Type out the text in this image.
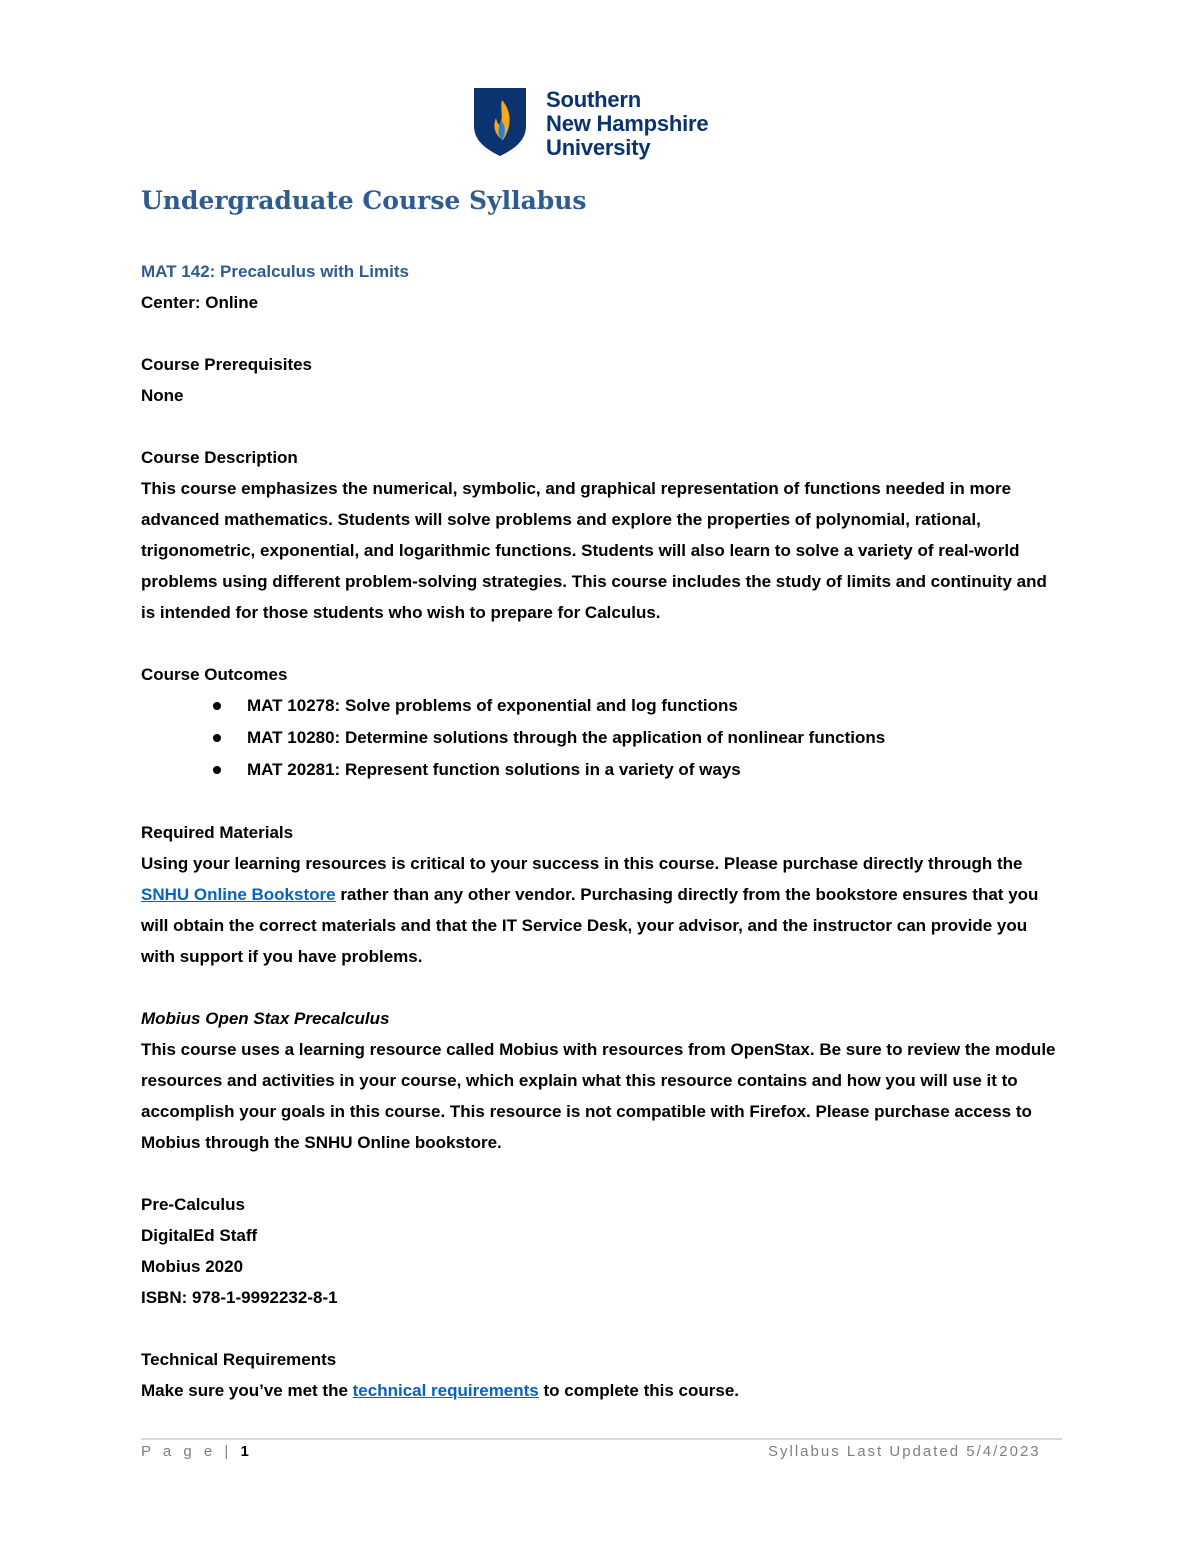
Southern
New Hampshire
University
Undergraduate Course Syllabus

MAT 142: Precalculus with Limits

Center: Online

Course Prerequisites

None

Course Description

This course emphasizes the numerical, symbolic, and graphical representation of functions needed in more advanced mathematics. Students will solve problems and explore the properties of polynomial, rational, trigonometric, exponential, and logarithmic functions. Students will also learn to solve a variety of real-world problems using different problem-solving strategies. This course includes the study of limits and continuity and is intended for those students who wish to prepare for Calculus.

Course Outcomes

MAT 10278: Solve problems of exponential and log functions
MAT 10280: Determine solutions through the application of nonlinear functions
MAT 20281: Represent function solutions in a variety of ways

Required Materials

Using your learning resources is critical to your success in this course. Please purchase directly through the SNHU Online Bookstore rather than any other vendor. Purchasing directly from the bookstore ensures that you will obtain the correct materials and that the IT Service Desk, your advisor, and the instructor can provide you with support if you have problems.

Mobius Open Stax Precalculus

This course uses a learning resource called Mobius with resources from OpenStax. Be sure to review the module resources and activities in your course, which explain what this resource contains and how you will use it to accomplish your goals in this course. This resource is not compatible with Firefox. Please purchase access to Mobius through the SNHU Online bookstore.

Pre-Calculus

DigitalEd Staff

Mobius 2020

ISBN: 978-1-9992232-8-1

Technical Requirements

Make sure you’ve met the technical requirements to complete this course.

P a g e | 1	Syllabus Last Updated 5/4/2023
